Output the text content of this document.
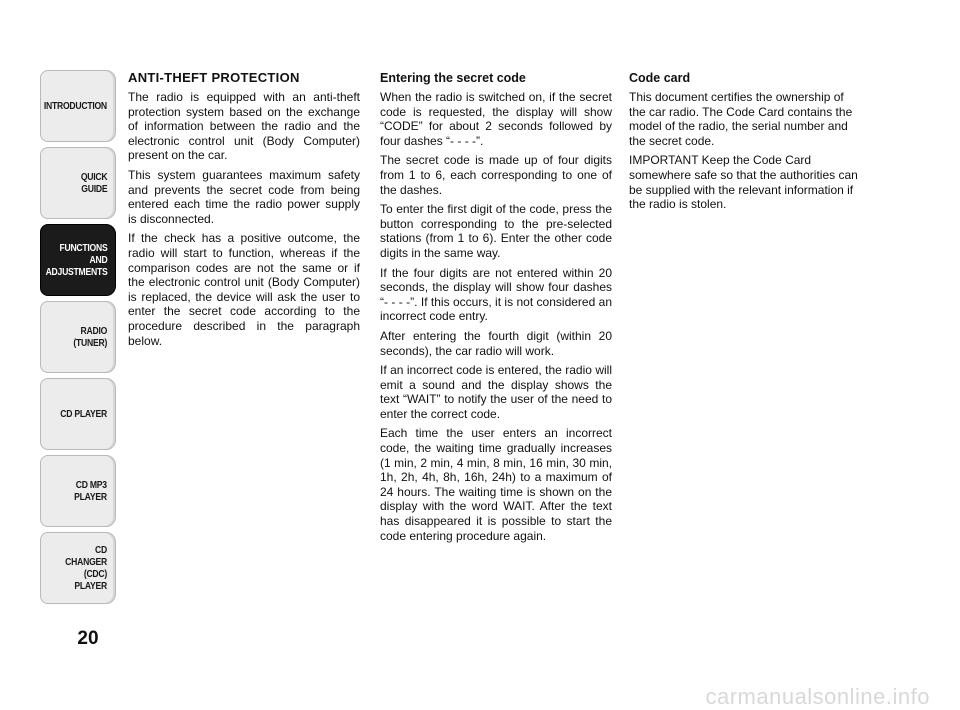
INTRODUCTION
QUICK
GUIDE
FUNCTIONS
AND
ADJUSTMENTS
RADIO
(TUNER)
CD PLAYER
CD MP3
PLAYER
CD CHANGER
(CDC) PLAYER
20
ANTI-THEFT PROTECTION

The radio is equipped with an anti-theft protection system based on the exchange of information between the radio and the electronic control unit (Body Computer) present on the car.

This system guarantees maximum safety and prevents the secret code from being entered each time the radio power supply is disconnected.

If the check has a positive outcome, the radio will start to function, whereas if the comparison codes are not the same or if the electronic control unit (Body Computer) is replaced, the device will ask the user to enter the secret code according to the procedure described in the paragraph below.

Entering the secret code

When the radio is switched on, if the secret code is requested, the display will show “CODE” for about 2 seconds followed by four dashes “- - - -”.

The secret code is made up of four digits from 1 to 6, each corresponding to one of the dashes.

To enter the first digit of the code, press the button corresponding to the pre-selected stations (from 1 to 6). Enter the other code digits in the same way.

If the four digits are not entered within 20 seconds, the display will show four dashes “- - - -”. If this occurs, it is not considered an incorrect code entry.

After entering the fourth digit (within 20 seconds), the car radio will work.

If an incorrect code is entered, the radio will emit a sound and the display shows the text “WAIT” to notify the user of the need to enter the correct code.

Each time the user enters an incorrect code, the waiting time gradually increases (1 min, 2 min, 4 min, 8 min, 16 min, 30 min, 1h, 2h, 4h, 8h, 16h, 24h) to a maximum of 24 hours. The waiting time is shown on the display with the word WAIT. After the text has disappeared it is possible to start the code entering procedure again.

Code card

This document certifies the ownership of the car radio. The Code Card contains the model of the radio, the serial number and the secret code.

IMPORTANT Keep the Code Card somewhere safe so that the authorities can be supplied with the relevant information if the radio is stolen.

carmanualsonline.info
